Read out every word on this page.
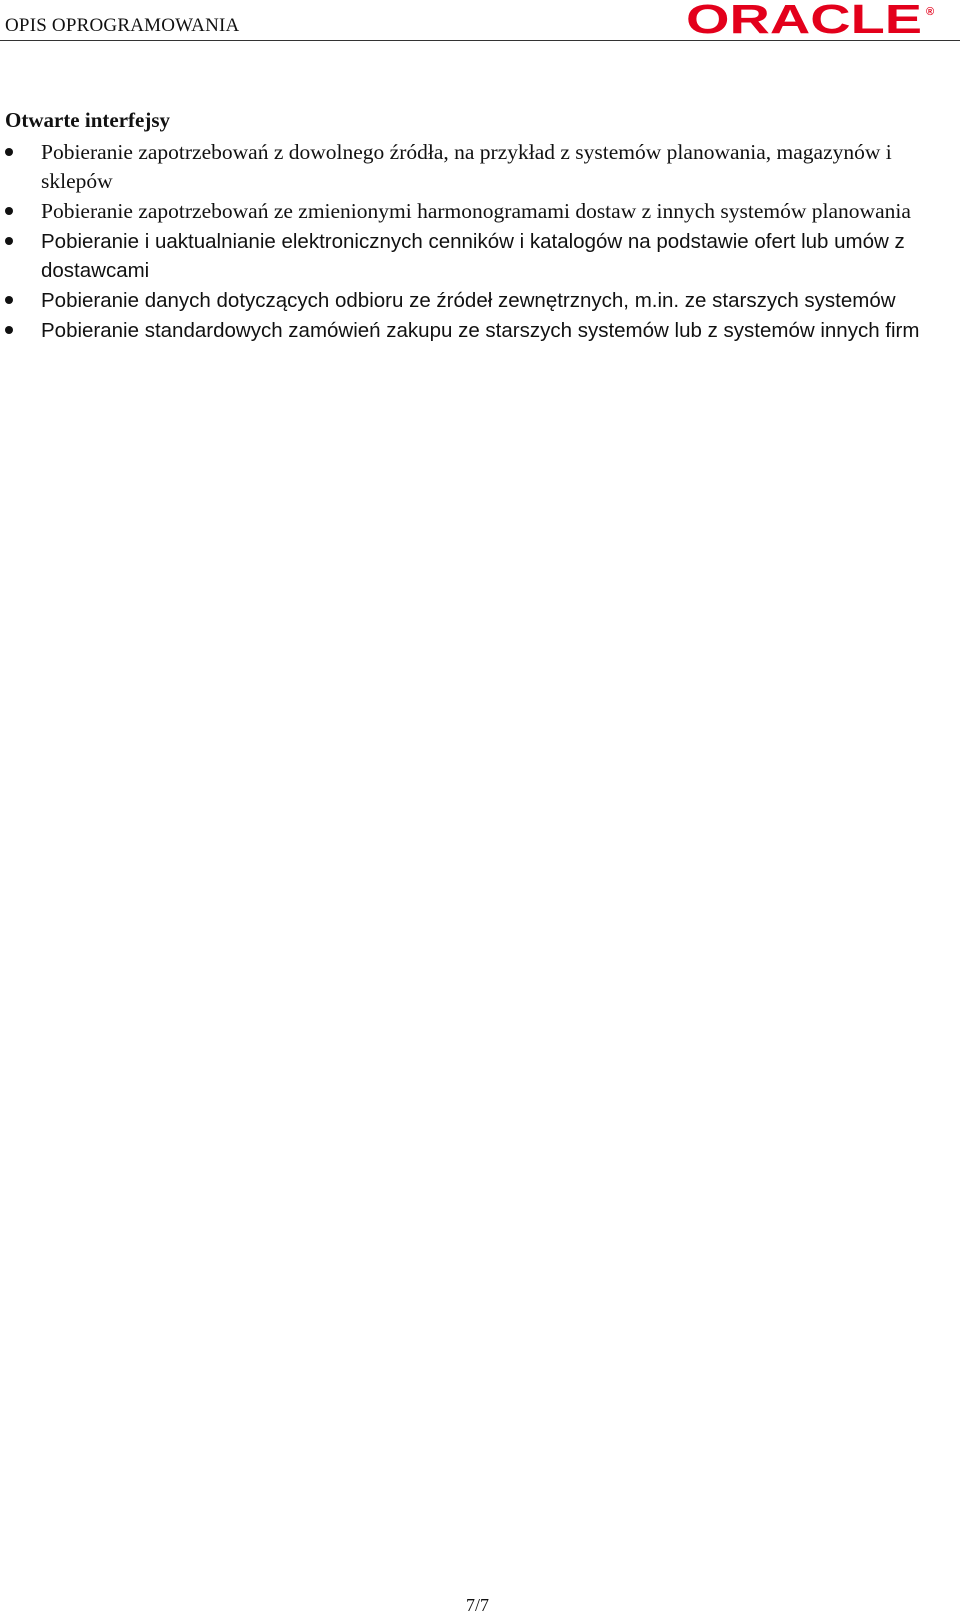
OPIS OPROGRAMOWANIA	ORACLE ®
Otwarte interfejsy
Pobieranie zapotrzebowań z dowolnego źródła, na przykład z systemów planowania, magazynów i sklepów
Pobieranie zapotrzebowań ze zmienionymi harmonogramami dostaw z innych systemów planowania
Pobieranie i uaktualnianie elektronicznych cenników i katalogów na podstawie ofert lub umów z dostawcami
Pobieranie danych dotyczących odbioru ze źródeł zewnętrznych, m.in. ze starszych systemów
Pobieranie standardowych zamówień zakupu ze starszych systemów lub z systemów innych firm
7/7
